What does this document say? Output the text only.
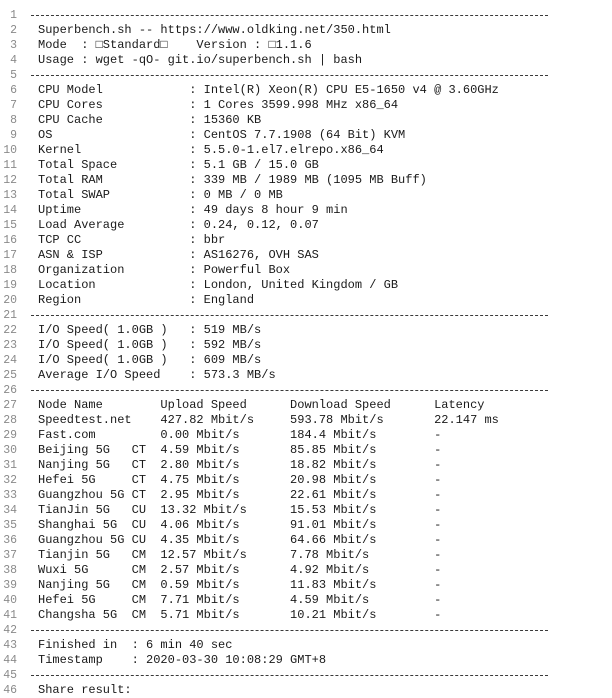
1
2 Superbench.sh -- https://www.oldking.net/350.html
3 Mode  : □Standard□    Version : □1.1.6
4 Usage : wget -qO- git.io/superbench.sh | bash
5
6 CPU Model            : Intel(R) Xeon(R) CPU E5-1650 v4 @ 3.60GHz
7 CPU Cores            : 1 Cores 3599.998 MHz x86_64
8 CPU Cache            : 15360 KB
9 OS                   : CentOS 7.7.1908 (64 Bit) KVM
10 Kernel               : 5.5.0-1.el7.elrepo.x86_64
11 Total Space          : 5.1 GB / 15.0 GB
12 Total RAM            : 339 MB / 1989 MB (1095 MB Buff)
13 Total SWAP           : 0 MB / 0 MB
14 Uptime               : 49 days 8 hour 9 min
15 Load Average         : 0.24, 0.12, 0.07
16 TCP CC               : bbr
17 ASN & ISP            : AS16276, OVH SAS
18 Organization         : Powerful Box
19 Location             : London, United Kingdom / GB
20 Region               : England
21
22 I/O Speed( 1.0GB )   : 519 MB/s
23 I/O Speed( 1.0GB )   : 592 MB/s
24 I/O Speed( 1.0GB )   : 609 MB/s
25 Average I/O Speed    : 573.3 MB/s
26
27 Node Name        Upload Speed      Download Speed      Latency
28 Speedtest.net    427.82 Mbit/s     593.78 Mbit/s       22.147 ms
29 Fast.com         0.00 Mbit/s       184.4 Mbit/s        -
30 Beijing 5G   CT  4.59 Mbit/s       85.85 Mbit/s        -
31 Nanjing 5G   CT  2.80 Mbit/s       18.82 Mbit/s        -
32 Hefei 5G     CT  4.75 Mbit/s       20.98 Mbit/s        -
33 Guangzhou 5G CT  2.95 Mbit/s       22.61 Mbit/s        -
34 TianJin 5G   CU  13.32 Mbit/s      15.53 Mbit/s        -
35 Shanghai 5G  CU  4.06 Mbit/s       91.01 Mbit/s        -
36 Guangzhou 5G CU  4.35 Mbit/s       64.66 Mbit/s        -
37 Tianjin 5G   CM  12.57 Mbit/s      7.78 Mbit/s         -
38 Wuxi 5G      CM  2.57 Mbit/s       4.92 Mbit/s         -
39 Nanjing 5G   CM  0.59 Mbit/s       11.83 Mbit/s        -
40 Hefei 5G     CM  7.71 Mbit/s       4.59 Mbit/s         -
41 Changsha 5G  CM  5.71 Mbit/s       10.21 Mbit/s        -
42
43 Finished in  : 6 min 40 sec
44 Timestamp    : 2020-03-30 10:08:29 GMT+8
45
46 Share result:
